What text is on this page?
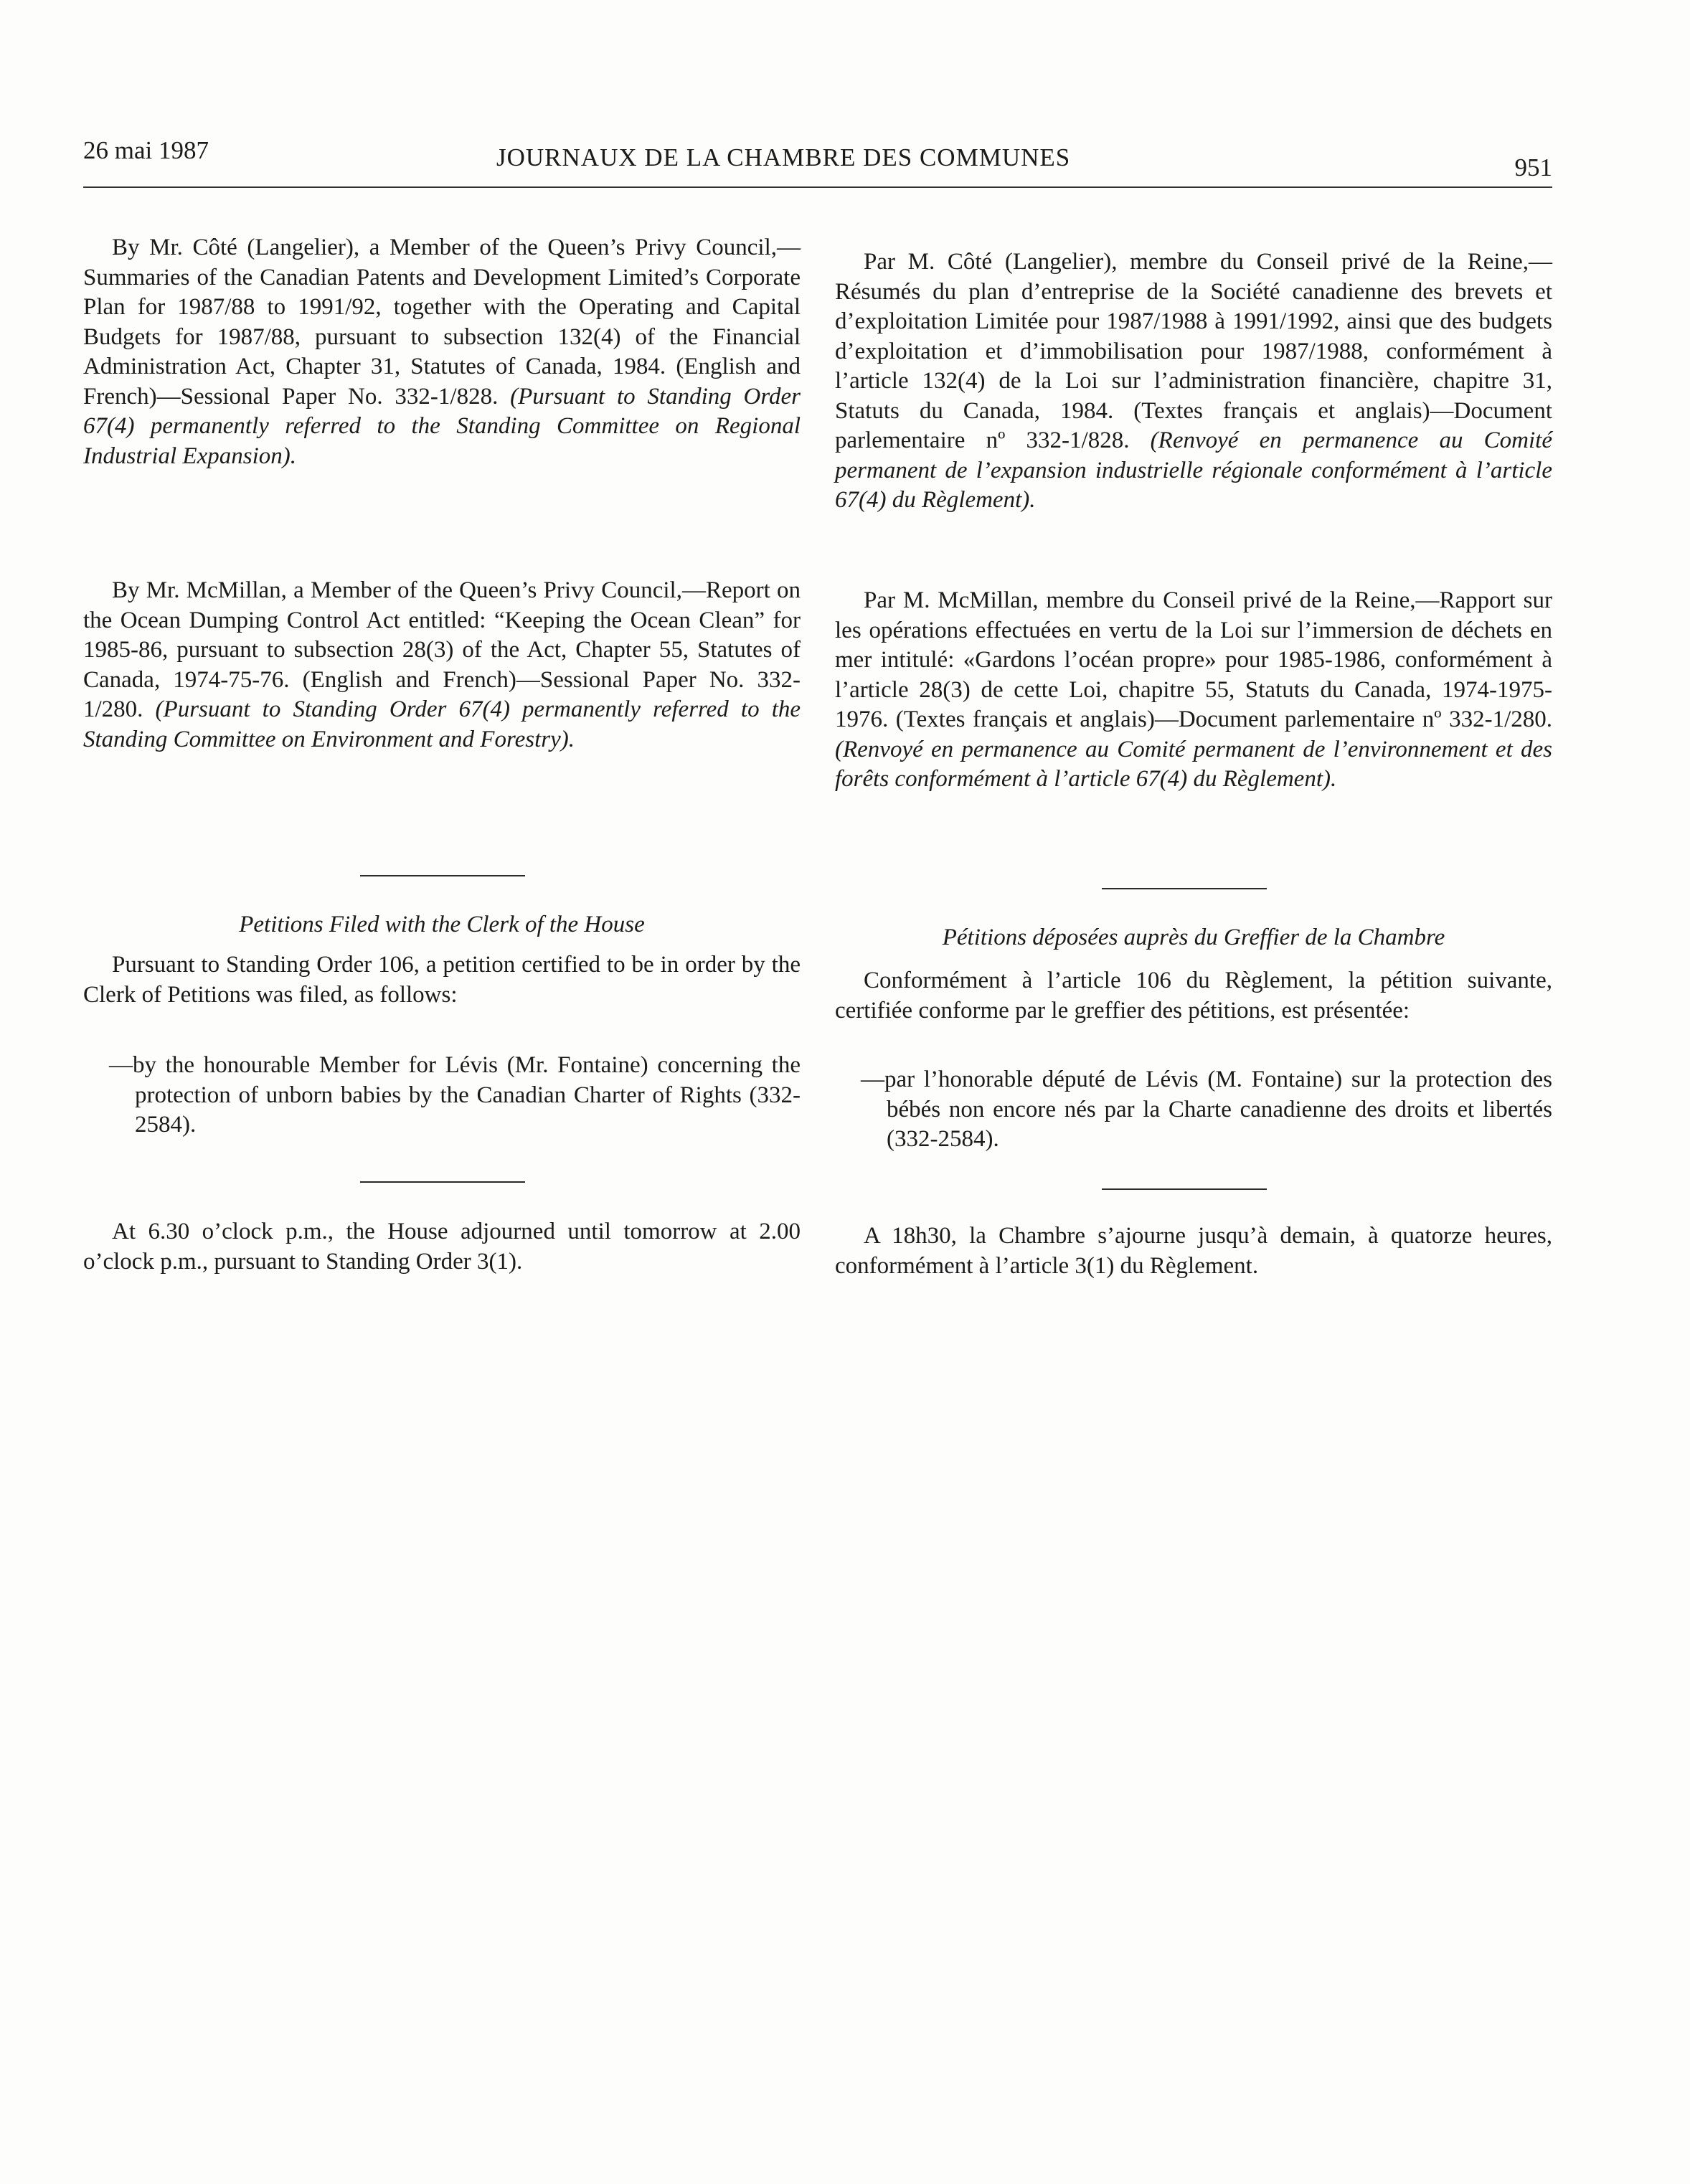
26 mai 1987	JOURNAUX DE LA CHAMBRE DES COMMUNES	951
By Mr. Côté (Langelier), a Member of the Queen’s Privy Council,—Summaries of the Canadian Patents and Development Limited’s Corporate Plan for 1987/88 to 1991/92, together with the Operating and Capital Budgets for 1987/88, pursuant to subsection 132(4) of the Financial Administration Act, Chapter 31, Statutes of Canada, 1984. (English and French)—Sessional Paper No. 332-1/828. (Pursuant to Standing Order 67(4) permanently referred to the Standing Committee on Regional Industrial Expansion).
By Mr. McMillan, a Member of the Queen’s Privy Council,—Report on the Ocean Dumping Control Act entitled: “Keeping the Ocean Clean” for 1985-86, pursuant to subsection 28(3) of the Act, Chapter 55, Statutes of Canada, 1974-75-76. (English and French)—Sessional Paper No. 332-1/280. (Pursuant to Standing Order 67(4) permanently referred to the Standing Committee on Environment and Forestry).
Petitions Filed with the Clerk of the House
Pursuant to Standing Order 106, a petition certified to be in order by the Clerk of Petitions was filed, as follows:
—by the honourable Member for Lévis (Mr. Fontaine) concerning the protection of unborn babies by the Canadian Charter of Rights (332-2584).
At 6.30 o’clock p.m., the House adjourned until tomorrow at 2.00 o’clock p.m., pursuant to Standing Order 3(1).
Par M. Côté (Langelier), membre du Conseil privé de la Reine,—Résumés du plan d’entreprise de la Société canadienne des brevets et d’exploitation Limitée pour 1987/1988 à 1991/1992, ainsi que des budgets d’exploitation et d’immobilisation pour 1987/1988, conformément à l’article 132(4) de la Loi sur l’administration financière, chapitre 31, Statuts du Canada, 1984. (Textes français et anglais)—Document parlementaire nº 332-1/828. (Renvoyé en permanence au Comité permanent de l’expansion industrielle régionale conformément à l’article 67(4) du Règlement).
Par M. McMillan, membre du Conseil privé de la Reine,—Rapport sur les opérations effectuées en vertu de la Loi sur l’immersion de déchets en mer intitulé: «Gardons l’océan propre» pour 1985-1986, conformément à l’article 28(3) de cette Loi, chapitre 55, Statuts du Canada, 1974-1975-1976. (Textes français et anglais)—Document parlementaire nº 332-1/280. (Renvoyé en permanence au Comité permanent de l’environnement et des forêts conformément à l’article 67(4) du Règlement).
Pétitions déposées auprès du Greffier de la Chambre
Conformément à l’article 106 du Règlement, la pétition suivante, certifiée conforme par le greffier des pétitions, est présentée:
—par l’honorable député de Lévis (M. Fontaine) sur la protection des bébés non encore nés par la Charte canadienne des droits et libertés (332-2584).
A 18h30, la Chambre s’ajourne jusqu’à demain, à quatorze heures, conformément à l’article 3(1) du Règlement.
